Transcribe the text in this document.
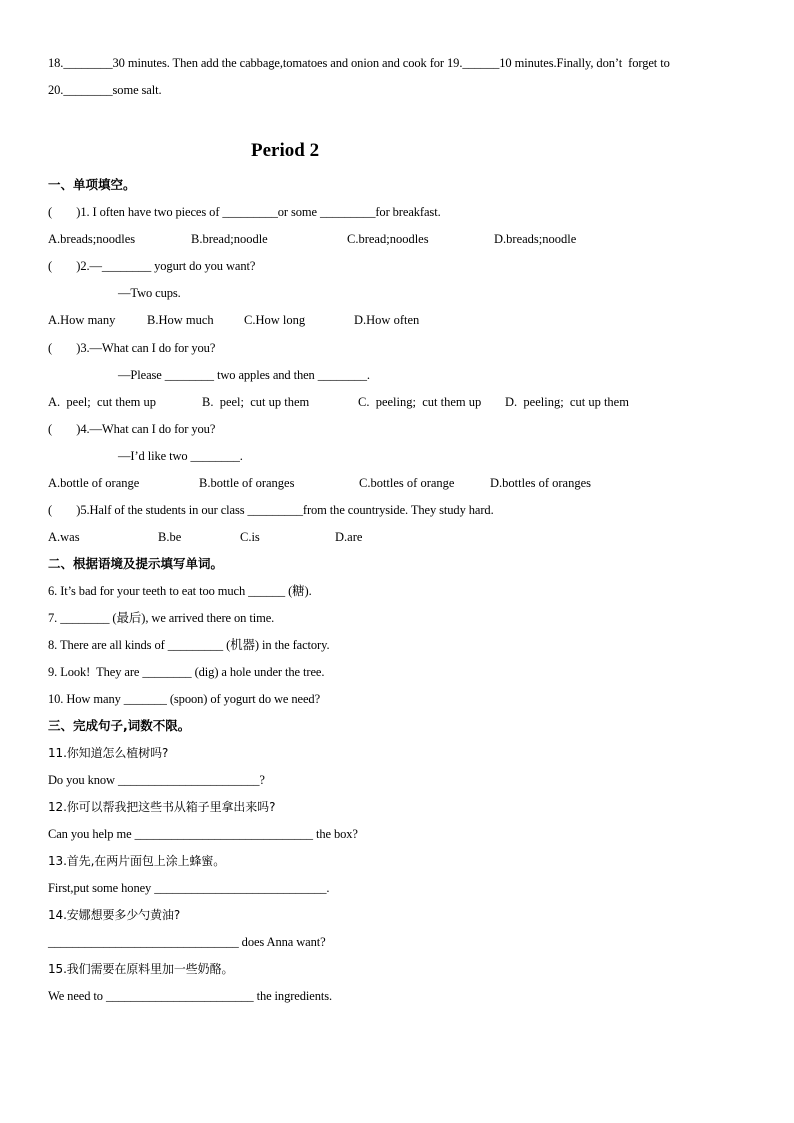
18.________30 minutes. Then add the cabbage,tomatoes and onion and cook for 19.______10 minutes.Finally, don’t  forget to
20.________some salt.
Period 2
一、单项填空。
(        )1. I often have two pieces of _________or some _________for breakfast.

A.breads;noodles

	B.bread;noodle

	C.bread;noodles

	D.breads;noodle

(        )2.—________ yogurt do you want?
—Two cups.

A.How many

	B.How much

C.How long

	D.How often

(        )3.—What can I do for you?
—Please ________ two apples and then ________.

A.  peel;  cut them up

	B.  peel;  cut up them

	C.  peeling;  cut them up

D.  peeling;  cut up them

(        )4.—What can I do for you?
—I’d like two ________.

A.bottle of orange

	B.bottle of oranges

	C.bottles of orange

	D.bottles of oranges

(        )5.Half of the students in our class _________from the countryside. They study hard.

A.was

	B.be

	C.is

	D.are

二、根据语境及提示填写单词。
6. It’s bad for your teeth to eat too much ______ (糖).
7. ________ (最后), we arrived there on time.
8. There are all kinds of _________ (机器) in the factory.
9. Look!  They are ________ (dig) a hole under the tree.
10. How many _______ (spoon) of yogurt do we need?
三、完成句子,词数不限。
11.你知道怎么植树吗?
Do you know _______________________?
12.你可以帮我把这些书从箱子里拿出来吗?
Can you help me _____________________________ the box?
13.首先,在两片面包上涂上蜂蜜。
First,put some honey ____________________________.
14.安娜想要多少勺黄油?
_______________________________ does Anna want?
15.我们需要在原料里加一些奶酪。
We need to ________________________ the ingredients.
